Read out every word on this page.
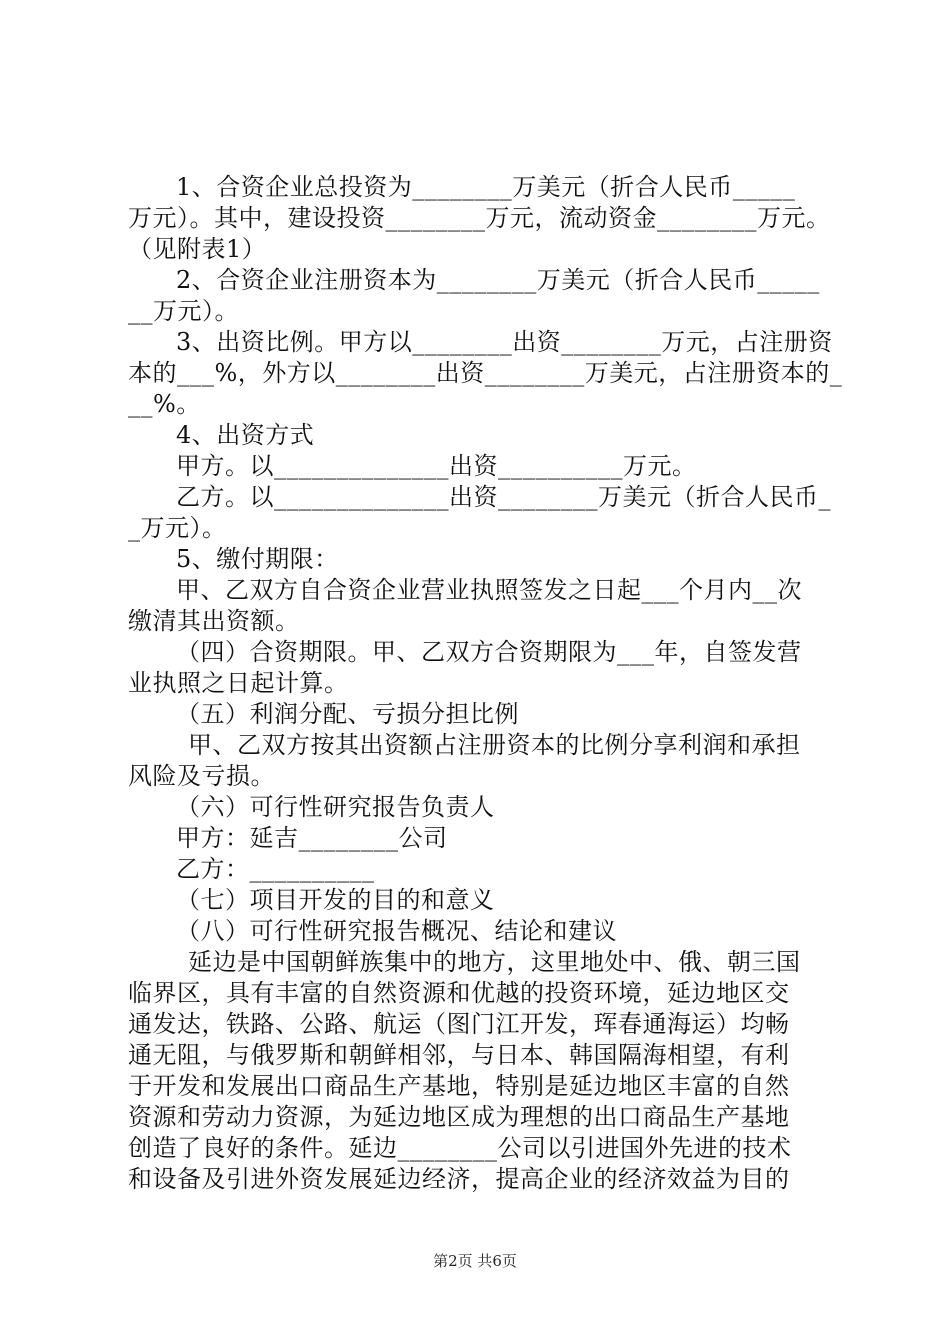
1、合资企业总投资为________万美元（折合人民币_____
万元）。其中，建设投资________万元，流动资金________万元。
（见附表1）
2、合资企业注册资本为________万美元（折合人民币_____
__万元）。
3、出资比例。甲方以________出资________万元，占注册资
本的___%，外方以________出资________万美元，占注册资本的_
__%。
4、出资方式
甲方。以______________出资__________万元。
乙方。以______________出资________万美元（折合人民币_
_万元）。
5、缴付期限：
甲、乙双方自合资企业营业执照签发之日起___个月内__次
缴清其出资额。
（四）合资期限。甲、乙双方合资期限为___年，自签发营
业执照之日起计算。
（五）利润分配、亏损分担比例
甲、乙双方按其出资额占注册资本的比例分享利润和承担
风险及亏损。
（六）可行性研究报告负责人
甲方：延吉________公司
乙方：__________
（七）项目开发的目的和意义
（八）可行性研究报告概况、结论和建议
延边是中国朝鲜族集中的地方，这里地处中、俄、朝三国
临界区，具有丰富的自然资源和优越的投资环境，延边地区交
通发达，铁路、公路、航运（图门江开发，珲春通海运）均畅
通无阻，与俄罗斯和朝鲜相邻，与日本、韩国隔海相望，有利
于开发和发展出口商品生产基地，特别是延边地区丰富的自然
资源和劳动力资源，为延边地区成为理想的出口商品生产基地
创造了良好的条件。延边________公司以引进国外先进的技术
和设备及引进外资发展延边经济，提高企业的经济效益为目的
第2页 共6页
